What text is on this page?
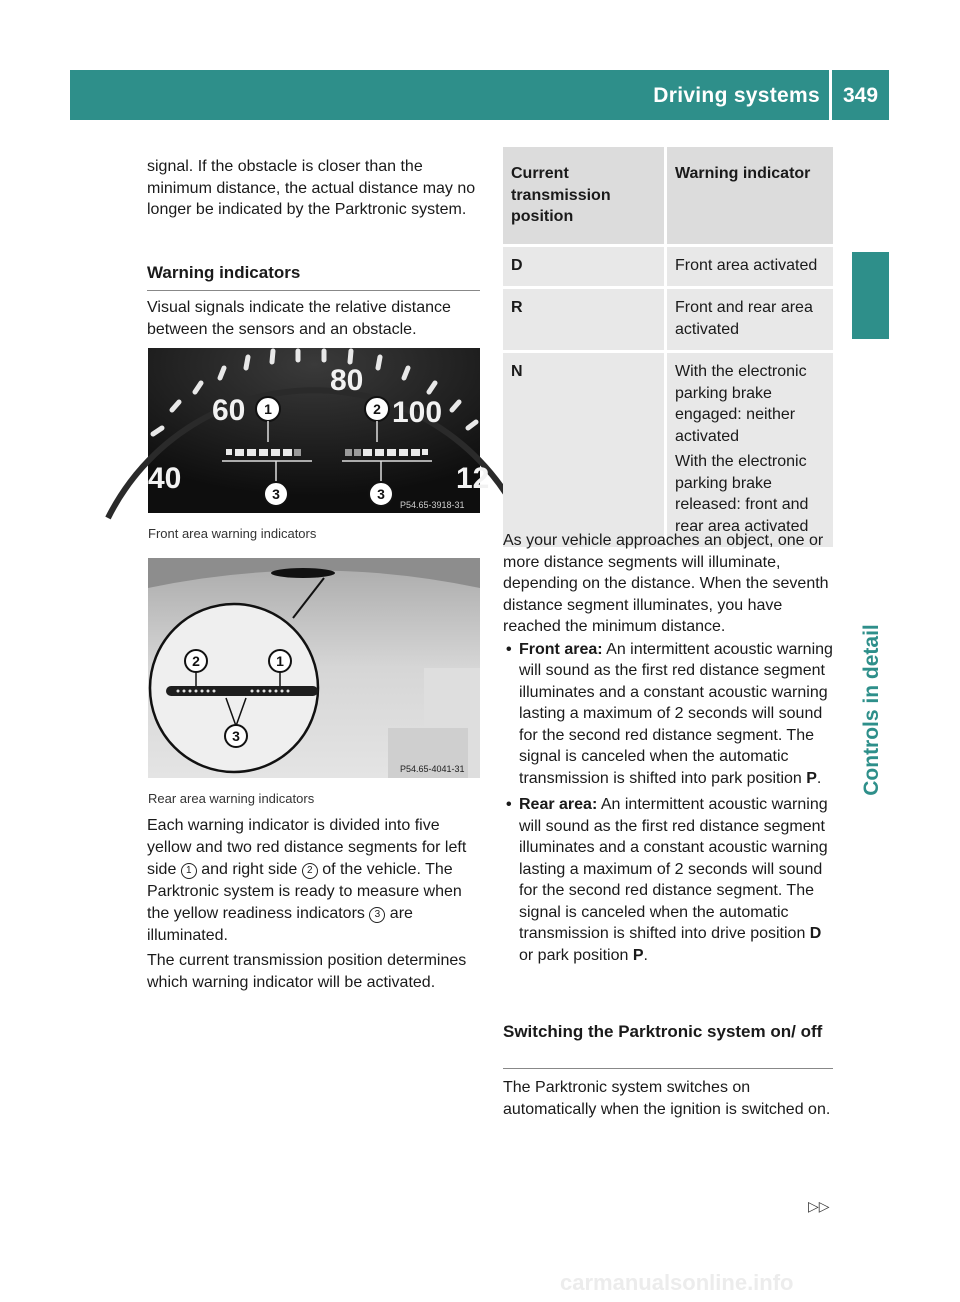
Driving systems	349
Controls in detail

signal. If the obstacle is closer than the minimum distance, the actual distance may no longer be indicated by the Parktronic system.

Warning indicators
Visual signals indicate the relative distance between the sensors and an obstacle.
80
60	100
40	12
1	2
3	3
P54.65-3918-31
Front area warning indicators
2	1
3
P54.65-4041-31
Rear area warning indicators
Each warning indicator is divided into five yellow and two red distance segments for left side 1 and right side 2 of the vehicle. The Parktronic system is ready to measure when the yellow readiness indicators 3 are illuminated.
The current transmission position determines which warning indicator will be activated.
Current transmission position	Warning indicator
D	Front area activated
R	Front and rear area activated
N	With the electronic parking brake engaged: neither activated

With the electronic parking brake released: front and rear area activated

As your vehicle approaches an object, one or more distance segments will illuminate, depending on the distance. When the seventh distance segment illuminates, you have reached the minimum distance.

• Front area: An intermittent acoustic warning will sound as the first red distance segment illuminates and a constant acoustic warning lasting a maximum of 2 seconds will sound for the second red distance segment. The signal is canceled when the automatic transmission is shifted into park position P.
• Rear area: An intermittent acoustic warning will sound as the first red distance segment illuminates and a constant acoustic warning lasting a maximum of 2 seconds will sound for the second red distance segment. The signal is canceled when the automatic transmission is shifted into drive position D or park position P.
Switching the Parktronic system on/ off
The Parktronic system switches on automatically when the ignition is switched on.
▷▷
carmanualsonline.info
